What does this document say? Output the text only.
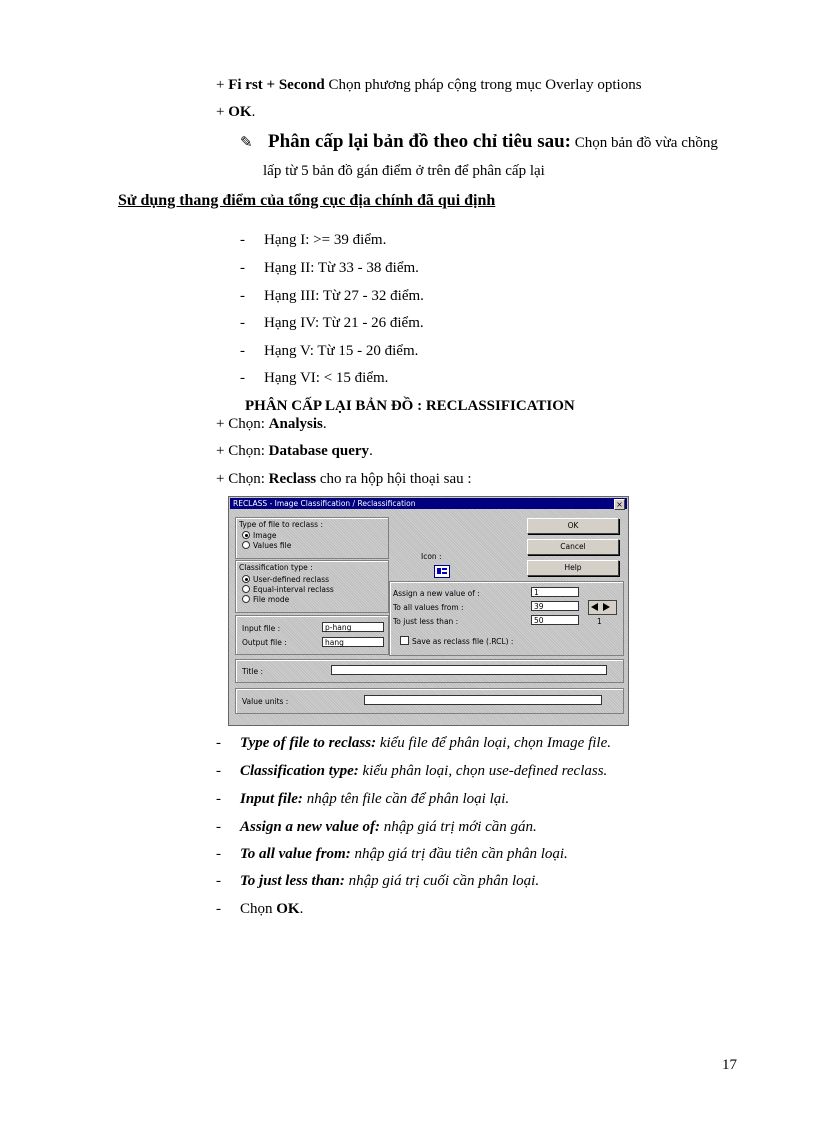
+ Fi rst + Second Chọn phương pháp cộng trong mục Overlay options
+ OK.
✎ Phân cấp lại bản đồ theo chỉ tiêu sau: Chọn bản đồ vừa chồng
lấp từ 5 bản đồ gán điểm ở trên để phân cấp lại
Sử dụng thang điểm của tổng cục địa chính đã qui định
- Hạng I: >= 39 điểm.
- Hạng II: Từ 33 - 38 điểm.
- Hạng III: Từ 27 - 32 điểm.
- Hạng IV: Từ 21 - 26 điểm.
- Hạng V: Từ 15 - 20 điểm.
- Hạng VI: < 15 điểm.
PHÂN CẤP LẠI BẢN ĐỒ : RECLASSIFICATION
+ Chọn: Analysis.
+ Chọn: Database query.
+ Chọn: Reclass cho ra hộp hội thoại sau :
RECLASS - Image Classification / Reclassification	×
Type of file to reclass :
Image
Values file
Classification type :
User-defined reclass
Equal-interval reclass
File mode
Icon :
OK
Cancel
Help
Assign a new value of :	1
To all values from :	39
To just less than :	50	1
Save as reclass file (.RCL) :
Input file :	p-hang
Output file :	hang
Title :
Value units :
- Type of file to reclass: kiểu file để phân loại, chọn Image file.
- Classification type: kiểu phân loại, chọn use-defined reclass.
- Input file: nhập tên file cần để phân loại lại.
- Assign a new value of: nhập giá trị mới cần gán.
- To all value from: nhập giá trị đầu tiên cần phân loại.
- To just less than: nhập giá trị cuối cần phân loại.
- Chọn OK.
17
